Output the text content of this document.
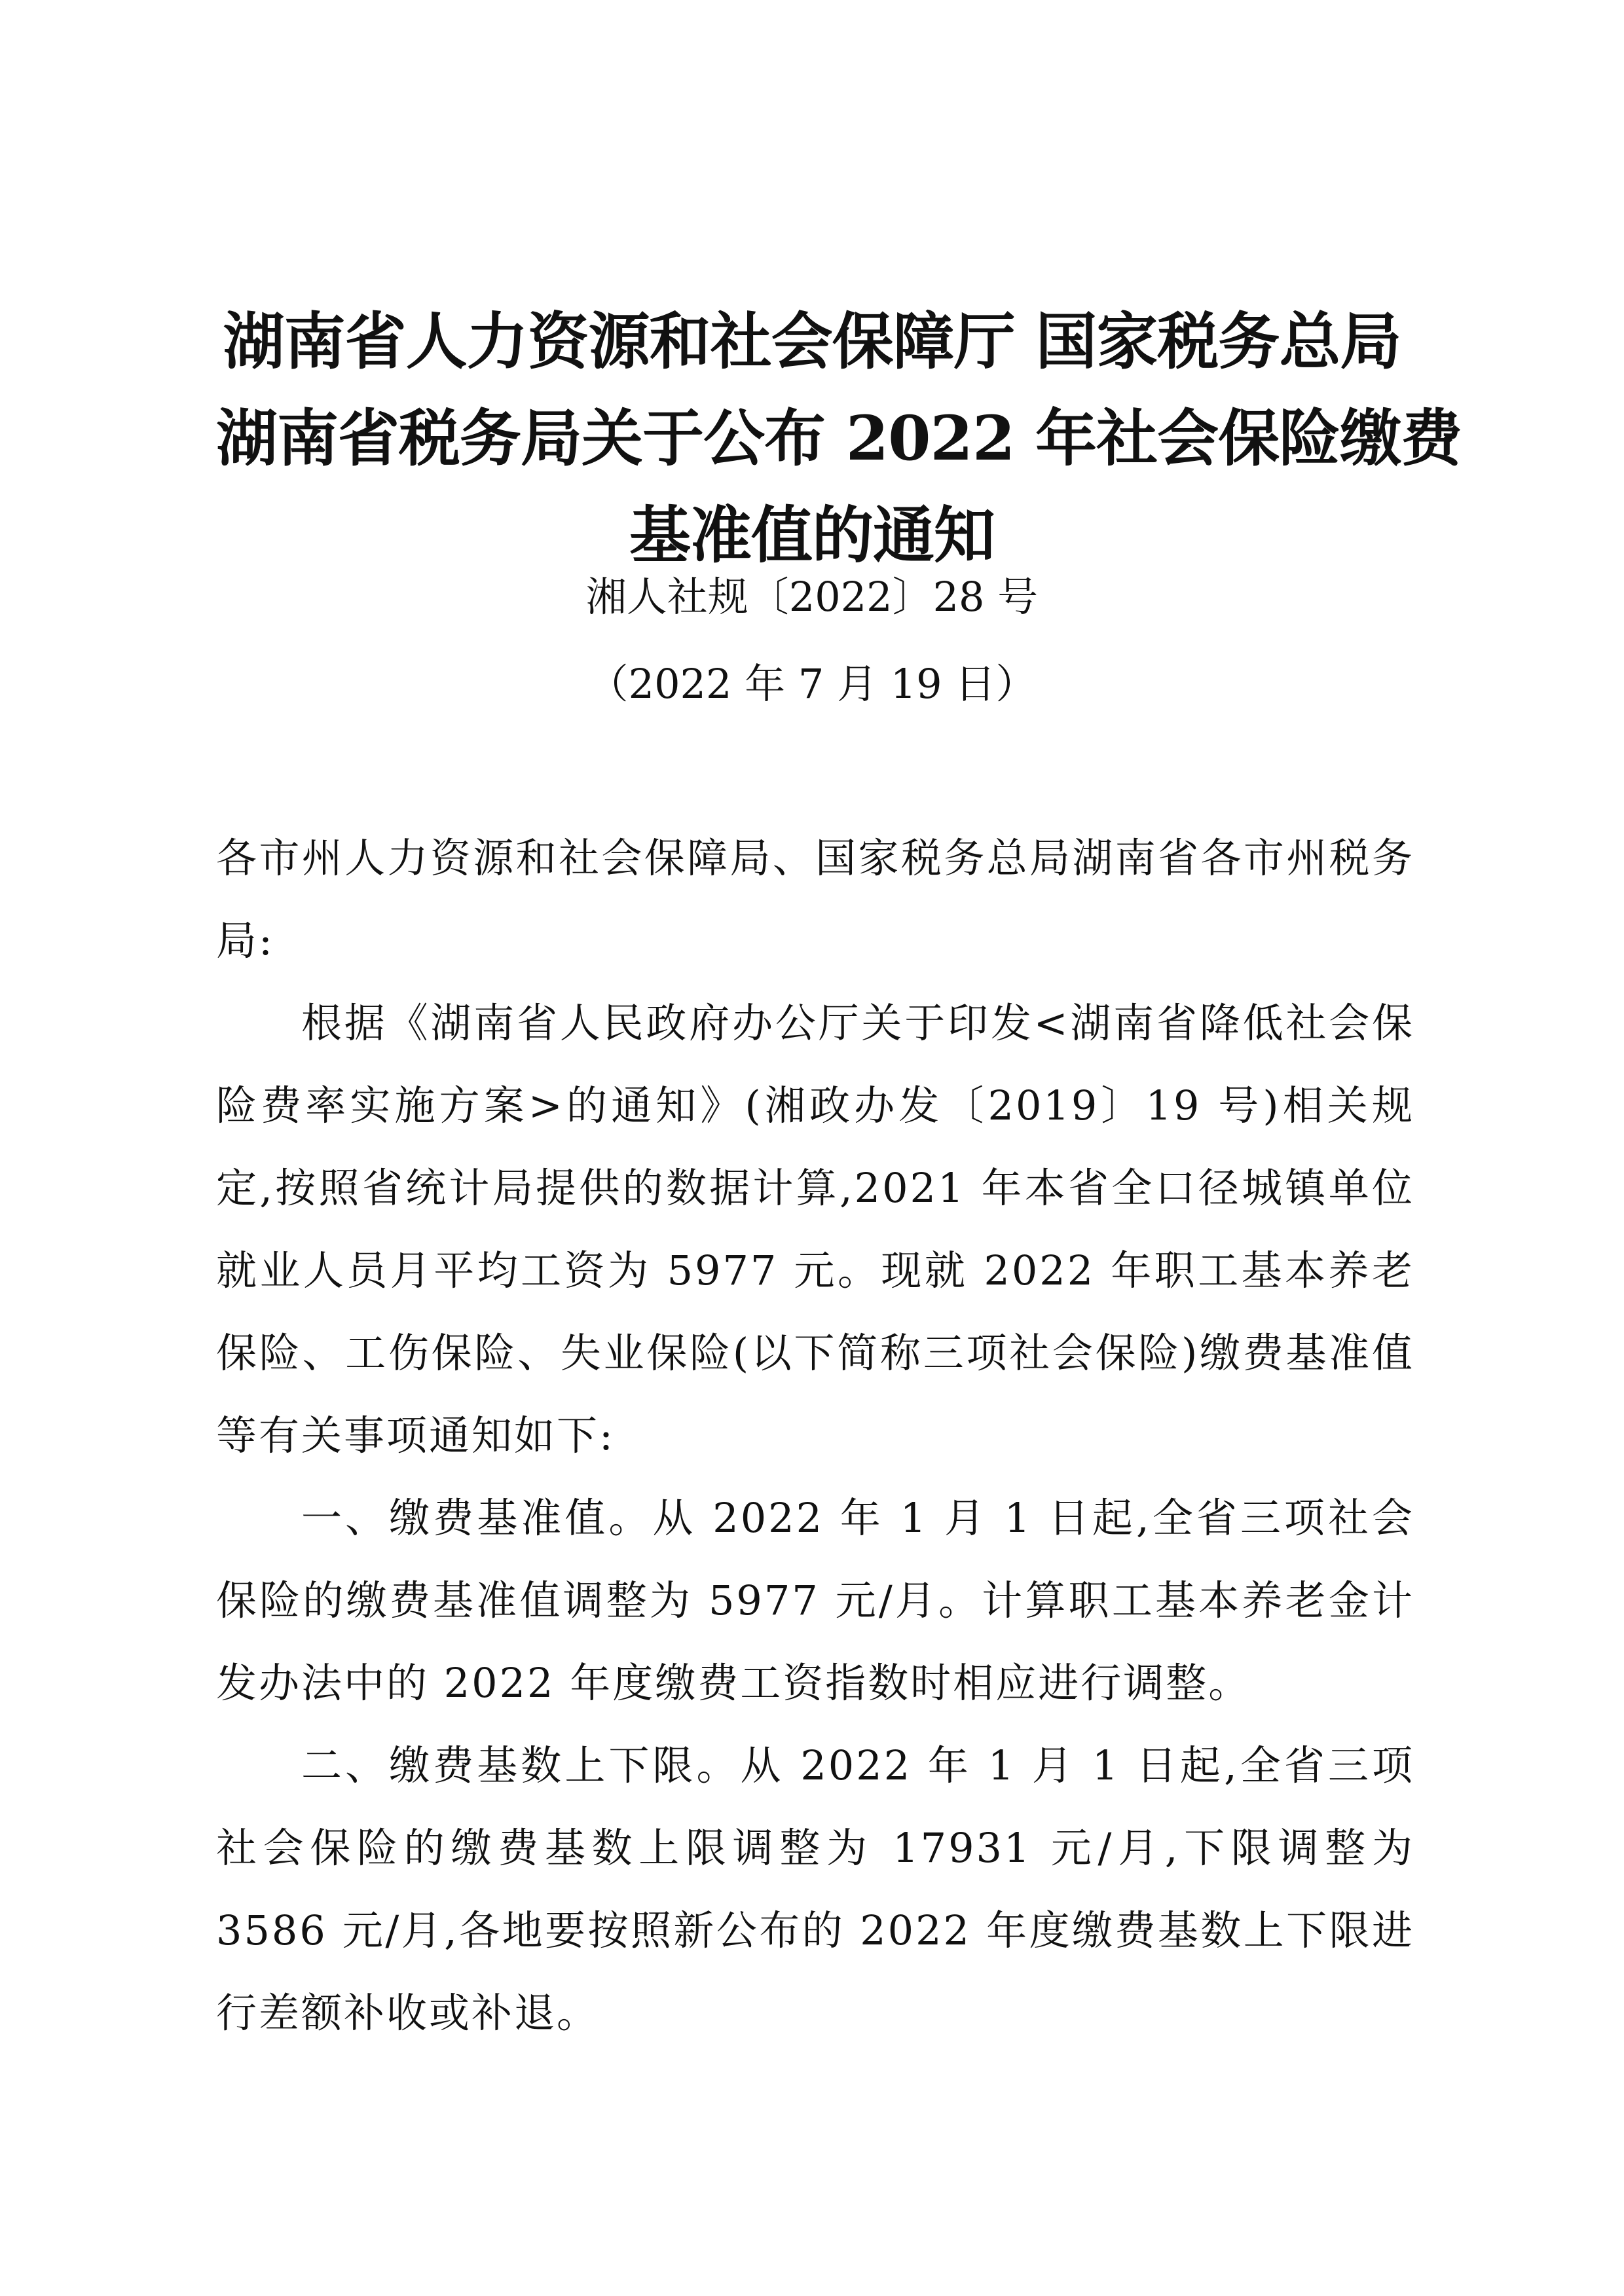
湖南省人力资源和社会保障厅 国家税务总局
湖南省税务局关于公布 2022 年社会保险缴费
基准值的通知
湘人社规〔2022〕28 号
（2022 年 7 月 19 日）

各市州人力资源和社会保障局、国家税务总局湖南省各市州税务局:

根据《湖南省人民政府办公厅关于印发<湖南省降低社会保险费率实施方案>的通知》(湘政办发〔2019〕19 号)相关规定,按照省统计局提供的数据计算,2021 年本省全口径城镇单位就业人员月平均工资为 5977 元。现就 2022 年职工基本养老保险、工伤保险、失业保险(以下简称三项社会保险)缴费基准值等有关事项通知如下:

一、缴费基准值。从 2022 年 1 月 1 日起,全省三项社会保险的缴费基准值调整为 5977 元/月。计算职工基本养老金计发办法中的 2022 年度缴费工资指数时相应进行调整。

二、缴费基数上下限。从 2022 年 1 月 1 日起,全省三项社会保险的缴费基数上限调整为 17931 元/月,下限调整为 3586 元/月,各地要按照新公布的 2022 年度缴费基数上下限进行差额补收或补退。
